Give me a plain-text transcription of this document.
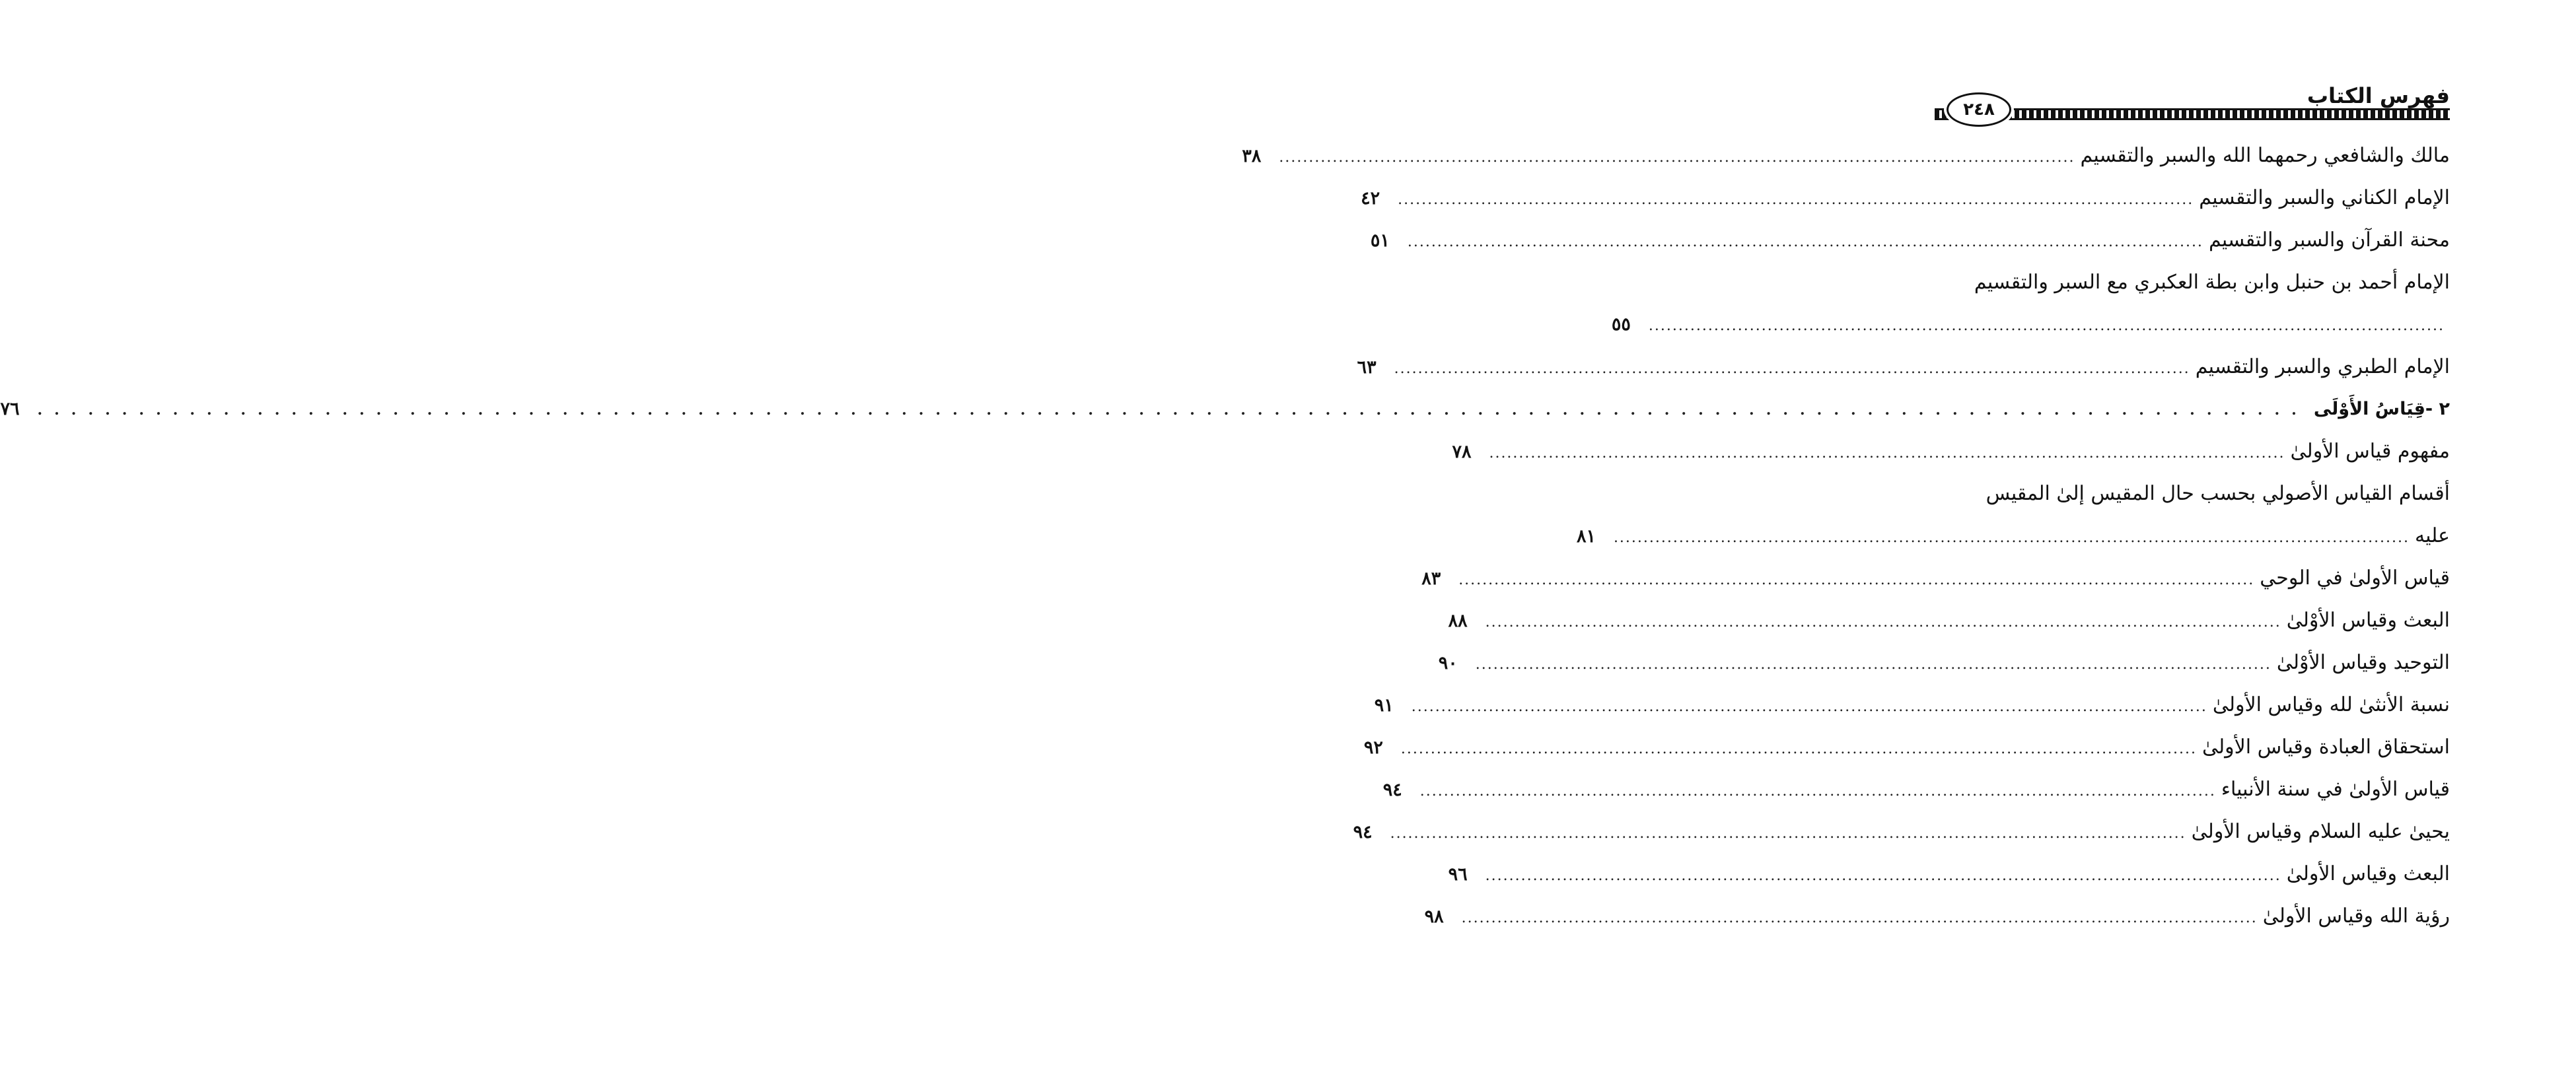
فهرس الكتاب
٢٤٨
مالك والشافعي رحمهما الله والسبر والتقسيم
......................................................................................................................................
٣٨
الإمام الكناني والسبر والتقسيم
......................................................................................................................................
٤٢
محنة القرآن والسبر والتقسيم
......................................................................................................................................
٥١
الإمام أحمد بن حنبل وابن بطة العكبري مع السبر والتقسيم
......................................................................................................................................
٥٥
الإمام الطبري والسبر والتقسيم
......................................................................................................................................
٦٣
٢ -قِيَاسُ الأَوْلَى
......................................................................................................................................
٧٦
مفهوم قياس الأولىٰ
......................................................................................................................................
٧٨
أقسام القياس الأصولي بحسب حال المقيس إلىٰ المقيس
عليه
......................................................................................................................................
٨١
قياس الأولىٰ في الوحي
......................................................................................................................................
٨٣
البعث وقياس الأوْلىٰ
......................................................................................................................................
٨٨
التوحيد وقياس الأوْلىٰ
......................................................................................................................................
٩٠
نسبة الأنثىٰ لله وقياس الأولىٰ
......................................................................................................................................
٩١
استحقاق العبادة وقياس الأولىٰ
......................................................................................................................................
٩٢
قياس الأولىٰ في سنة الأنبياء
......................................................................................................................................
٩٤
يحيىٰ عليه السلام وقياس الأولىٰ
......................................................................................................................................
٩٤
البعث وقياس الأولىٰ
......................................................................................................................................
٩٦
رؤية الله وقياس الأولىٰ
......................................................................................................................................
٩٨
